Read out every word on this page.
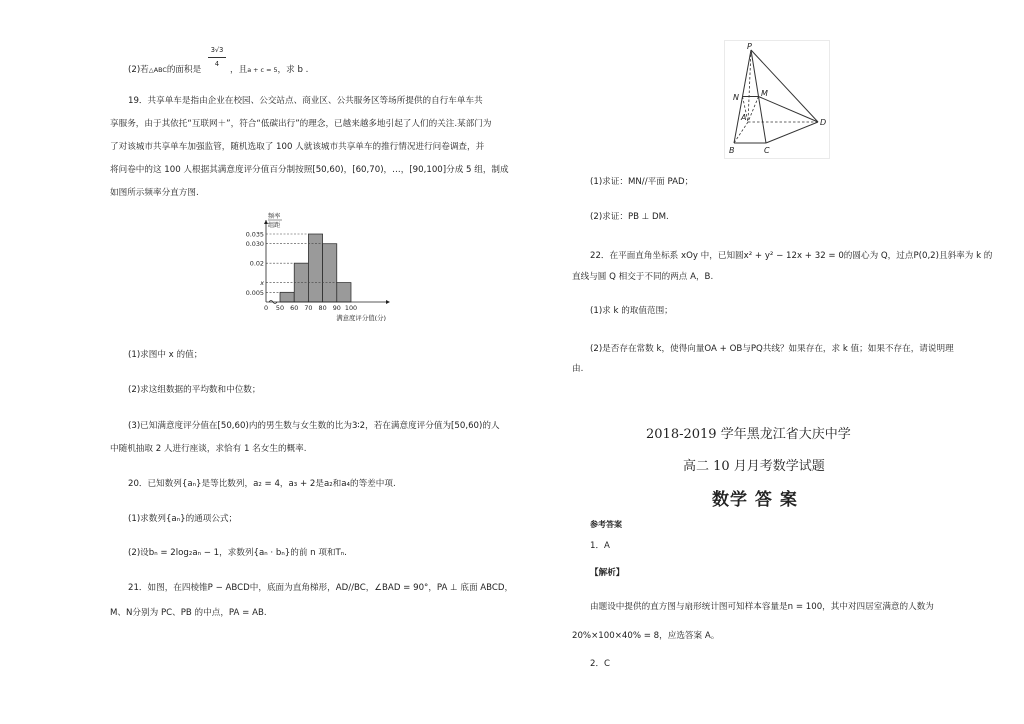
(2)若△ABC的面积是
3√3
4
，且a + c = 5，求 b .
19．共享单车是指由企业在校园、公交站点、商业区、公共服务区等场所提供的自行车单车共
享服务，由于其依托“互联网＋”，符合“低碳出行”的理念，已越来越多地引起了人们的关注.某部门为
了对该城市共享单车加强监管，随机选取了 100 人就该城市共享单车的推行情况进行问卷调查，并
将问卷中的这 100 人根据其满意度评分值百分制按照[50,60)，[60,70)，…，[90,100]分成 5 组，制成
如图所示频率分直方图.
0.035
0.030
0.02
x
0.005
0 50 60 70 80 90 100
频率
组距
满意度评分值(分)
(1)求图中 x 的值；
(2)求这组数据的平均数和中位数；
(3)已知满意度评分值在[50,60)内的男生数与女生数的比为3∶2，若在满意度评分值为[50,60)的人
中随机抽取 2 人进行座谈，求恰有 1 名女生的概率.
20．已知数列{aₙ}是等比数列，a₂ = 4，a₃ + 2是a₂和a₄的等差中项.
(1)求数列{aₙ}的通项公式；
(2)设bₙ = 2log₂aₙ − 1，求数列{aₙ · bₙ}的前 n 项和Tₙ.
21．如图，在四棱锥P − ABCD中，底面为直角梯形，AD//BC，∠BAD = 90°，PA ⊥ 底面 ABCD，
M、N分别为 PC、PB 的中点，PA = AB.
P
N	M
A
B	C
D
(1)求证：MN//平面 PAD；
(2)求证：PB ⊥ DM.
22．在平面直角坐标系 xOy 中，已知圆x² + y² − 12x + 32 = 0的圆心为 Q，过点P(0,2)且斜率为 k 的
直线与圆 Q 相交于不同的两点 A，B.
(1)求 k 的取值范围；
(2)是否存在常数 k，使得向量OA + OB与PQ共线？如果存在，求 k 值；如果不存在，请说明理
由.
2018-2019 学年黑龙江省大庆中学
高二 10 月月考数学试题
数学 答 案
参考答案
1．A
【解析】
由题设中提供的直方图与扇形统计图可知样本容量是n = 100，其中对四居室满意的人数为
20%×100×40% = 8，应选答案 A。
2．C
